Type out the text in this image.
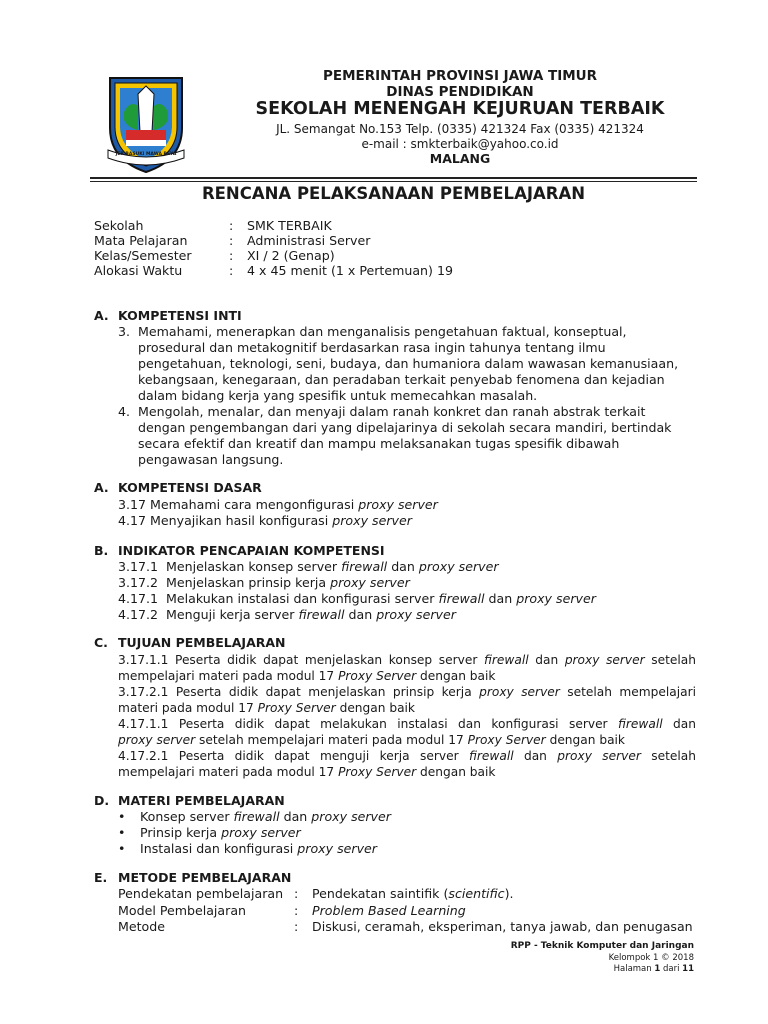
JER BASUKI MAWA BEYA
PEMERINTAH PROVINSI JAWA TIMUR
DINAS PENDIDIKAN
SEKOLAH MENENGAH KEJURUAN TERBAIK
JL. Semangat No.153 Telp. (0335) 421324 Fax (0335) 421324
e-mail : smkterbaik@yahoo.co.id
MALANG
RENCANA PELAKSANAAN PEMBELAJARAN
Sekolah	: SMK TERBAIK
Mata Pelajaran	: Administrasi Server
Kelas/Semester	: XI / 2 (Genap)
Alokasi Waktu	: 4 x 45 menit (1 x Pertemuan) 19
A. KOMPETENSI INTI
3. Memahami, menerapkan dan menganalisis pengetahuan faktual, konseptual,
prosedural dan metakognitif berdasarkan rasa ingin tahunya tentang ilmu
pengetahuan, teknologi, seni, budaya, dan humaniora dalam wawasan kemanusiaan,
kebangsaan, kenegaraan, dan peradaban terkait penyebab fenomena dan kejadian
dalam bidang kerja yang spesifik untuk memecahkan masalah.
4. Mengolah, menalar, dan menyaji dalam ranah konkret dan ranah abstrak terkait
dengan pengembangan dari yang dipelajarinya di sekolah secara mandiri, bertindak
secara efektif dan kreatif dan mampu melaksanakan tugas spesifik dibawah
pengawasan langsung.
A. KOMPETENSI DASAR
3.17 Memahami cara mengonfigurasi proxy server
4.17 Menyajikan hasil konfigurasi proxy server
B. INDIKATOR PENCAPAIAN KOMPETENSI
3.17.1 Menjelaskan konsep server firewall dan proxy server
3.17.2 Menjelaskan prinsip kerja proxy server
4.17.1 Melakukan instalasi dan konfigurasi server firewall dan proxy server
4.17.2 Menguji kerja server firewall dan proxy server
C. TUJUAN PEMBELAJARAN
3.17.1.1 Peserta didik dapat menjelaskan konsep server firewall dan proxy server setelah
mempelajari materi pada modul 17 Proxy Server dengan baik
3.17.2.1 Peserta didik dapat menjelaskan prinsip kerja proxy server setelah mempelajari
materi pada modul 17 Proxy Server dengan baik
4.17.1.1 Peserta didik dapat melakukan instalasi dan konfigurasi server firewall dan
proxy server setelah mempelajari materi pada modul 17 Proxy Server dengan baik
4.17.2.1 Peserta didik dapat menguji kerja server firewall dan proxy server setelah
mempelajari materi pada modul 17 Proxy Server dengan baik
D. MATERI PEMBELAJARAN
• Konsep server firewall dan proxy server
• Prinsip kerja proxy server
• Instalasi dan konfigurasi proxy server
E. METODE PEMBELAJARAN
Pendekatan pembelajaran : Pendekatan saintifik (scientific).
Model Pembelajaran	: Problem Based Learning
Metode	: Diskusi, ceramah, eksperiman, tanya jawab, dan penugasan
RPP - Teknik Komputer dan Jaringan
Kelompok 1 © 2018
Halaman 1 dari 11
